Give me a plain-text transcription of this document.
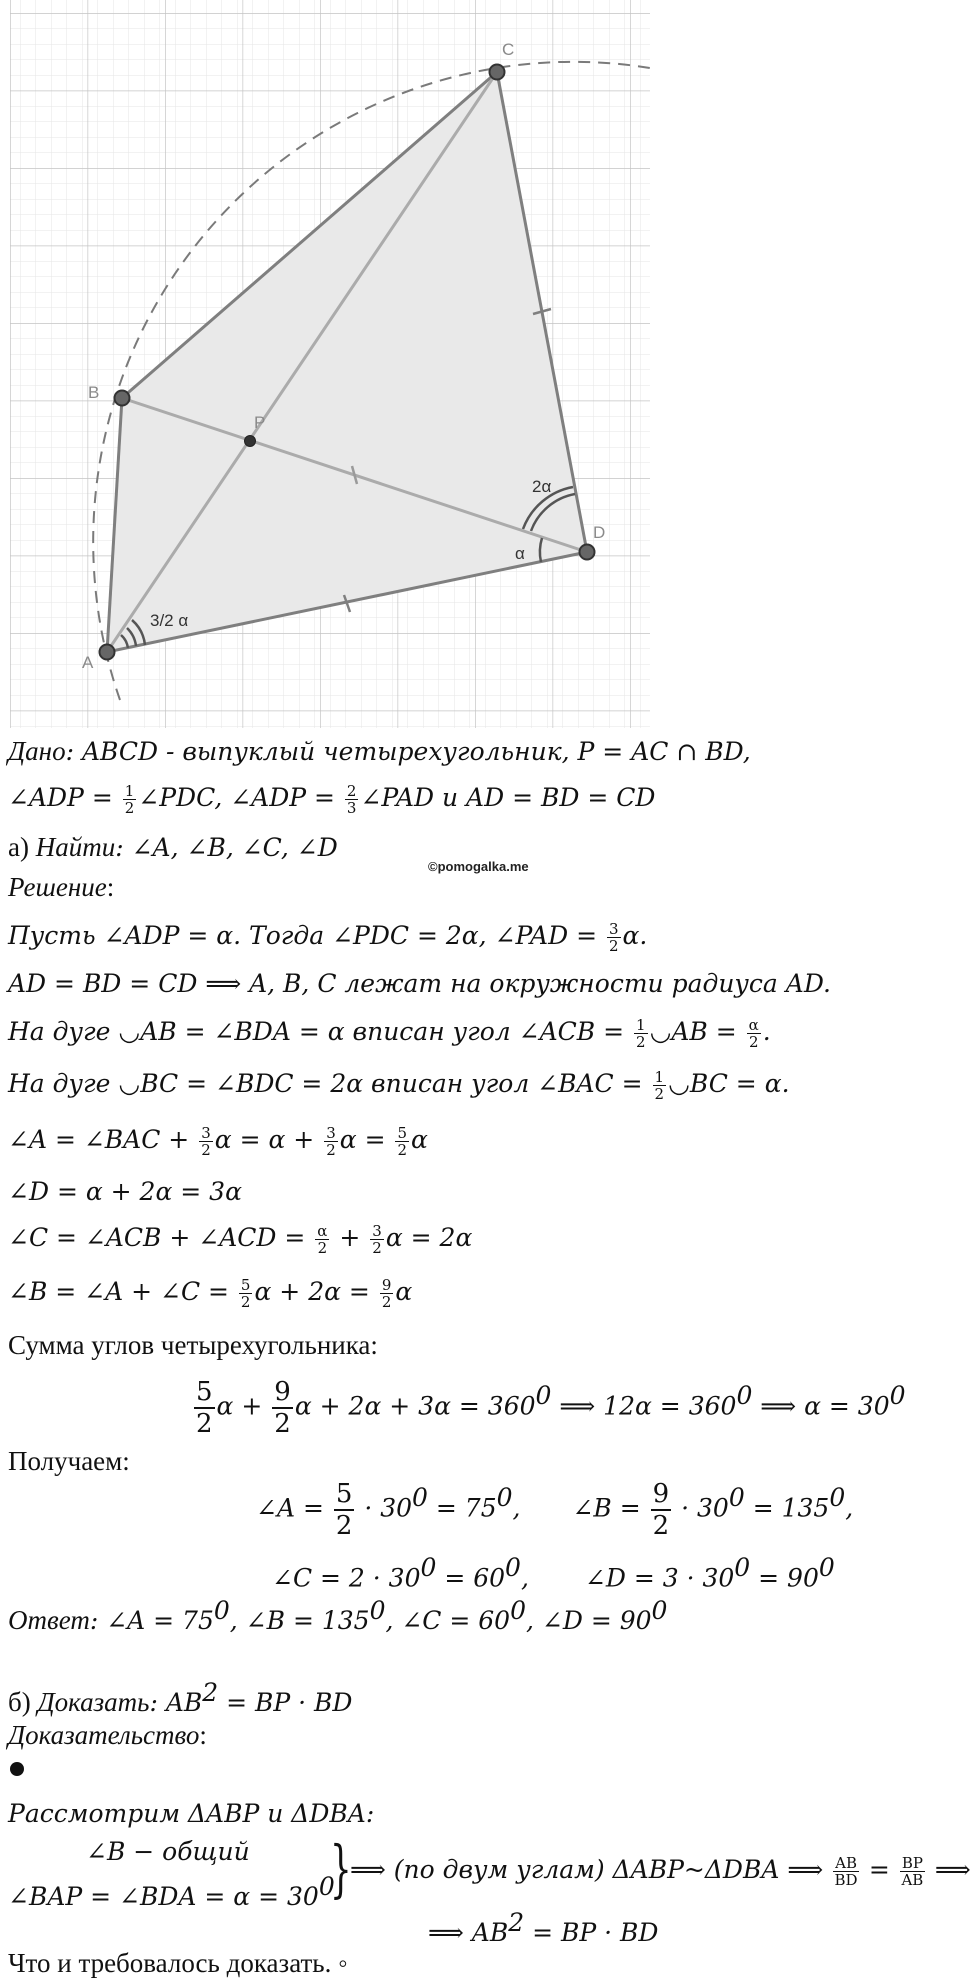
A
B
C
D
P
3/2 α
2α
α
Дано: ABCD - выпуклый четырехугольник, P = AC ∩ BD,
∠ADP = $\frac{1}{2}$ ∠PDC, ∠ADP = $\frac{2}{3}$ ∠PAD и AD = BD = CD
а) Найти: ∠A, ∠B, ∠C, ∠D
©pomogalka.me
Решение:
Пусть ∠ADP = α. Тогда ∠PDC = 2α, ∠PAD = $\frac{3}{2} \alpha$.
AD = BD = CD ⟹ A, B, C лежат на окружности радиуса AD.
На дуге ◡AB = ∠BDA = α вписан угол ∠ACB = $\frac{1}{2}$ ◡AB = $\frac{\alpha}{2}$ .
На дуге ◡BC = ∠BDC = 2α вписан угол ∠BAC = $\frac{1}{2}$ ◡BC = α.
∠A = ∠BAC + $\frac{3}{2}$ $\alpha = \alpha + \frac{3}{2}$ $\alpha = \frac{5}{2}$ α
∠D = α + 2α = 3α
∠C = ∠ACB + ∠ACD = $\frac{\alpha}{2} + \frac{3}{2}$ α = 2α
∠B = ∠A + ∠C = $\frac{5}{2}$ $\alpha + 2\alpha = \frac{9}{2}$ α
Сумма углов четырехугольника:
$\frac{5}{2}$ $\alpha + \frac{9}{2}$ $\alpha + 2\alpha + 3\alpha = 360^0$ ⟹ $12\alpha = 360^0$ ⟹ $\alpha = 30^0$
Получаем:
∠A = $\frac{5}{2} \cdot 30^0 = 75^0$, ∠B = $\frac{9}{2} \cdot 30^0 = 135^0$,
∠C = $2 \cdot 30^0 = 60^0$, ∠D = $3 \cdot 30^0 = 90^0$
Ответ: ∠A = $75^0$, ∠B = $135^0$, ∠C = $60^0$, ∠D = $90^0$
б) Доказать: $AB^2$ = BP · BD
Доказательство:
Рассмотрим ΔABP и ΔDBA:
∠B − общий
∠BAP = ∠BDA = $\alpha = 30^0$
}
⟹ (по двум углам) ΔABP~ΔDBA ⟹ $\frac{AB}{BD} = \frac{BP}{AB}$ ⟹
⟹ $AB^2$ = BP · BD
Что и требовалось доказать. ◦
